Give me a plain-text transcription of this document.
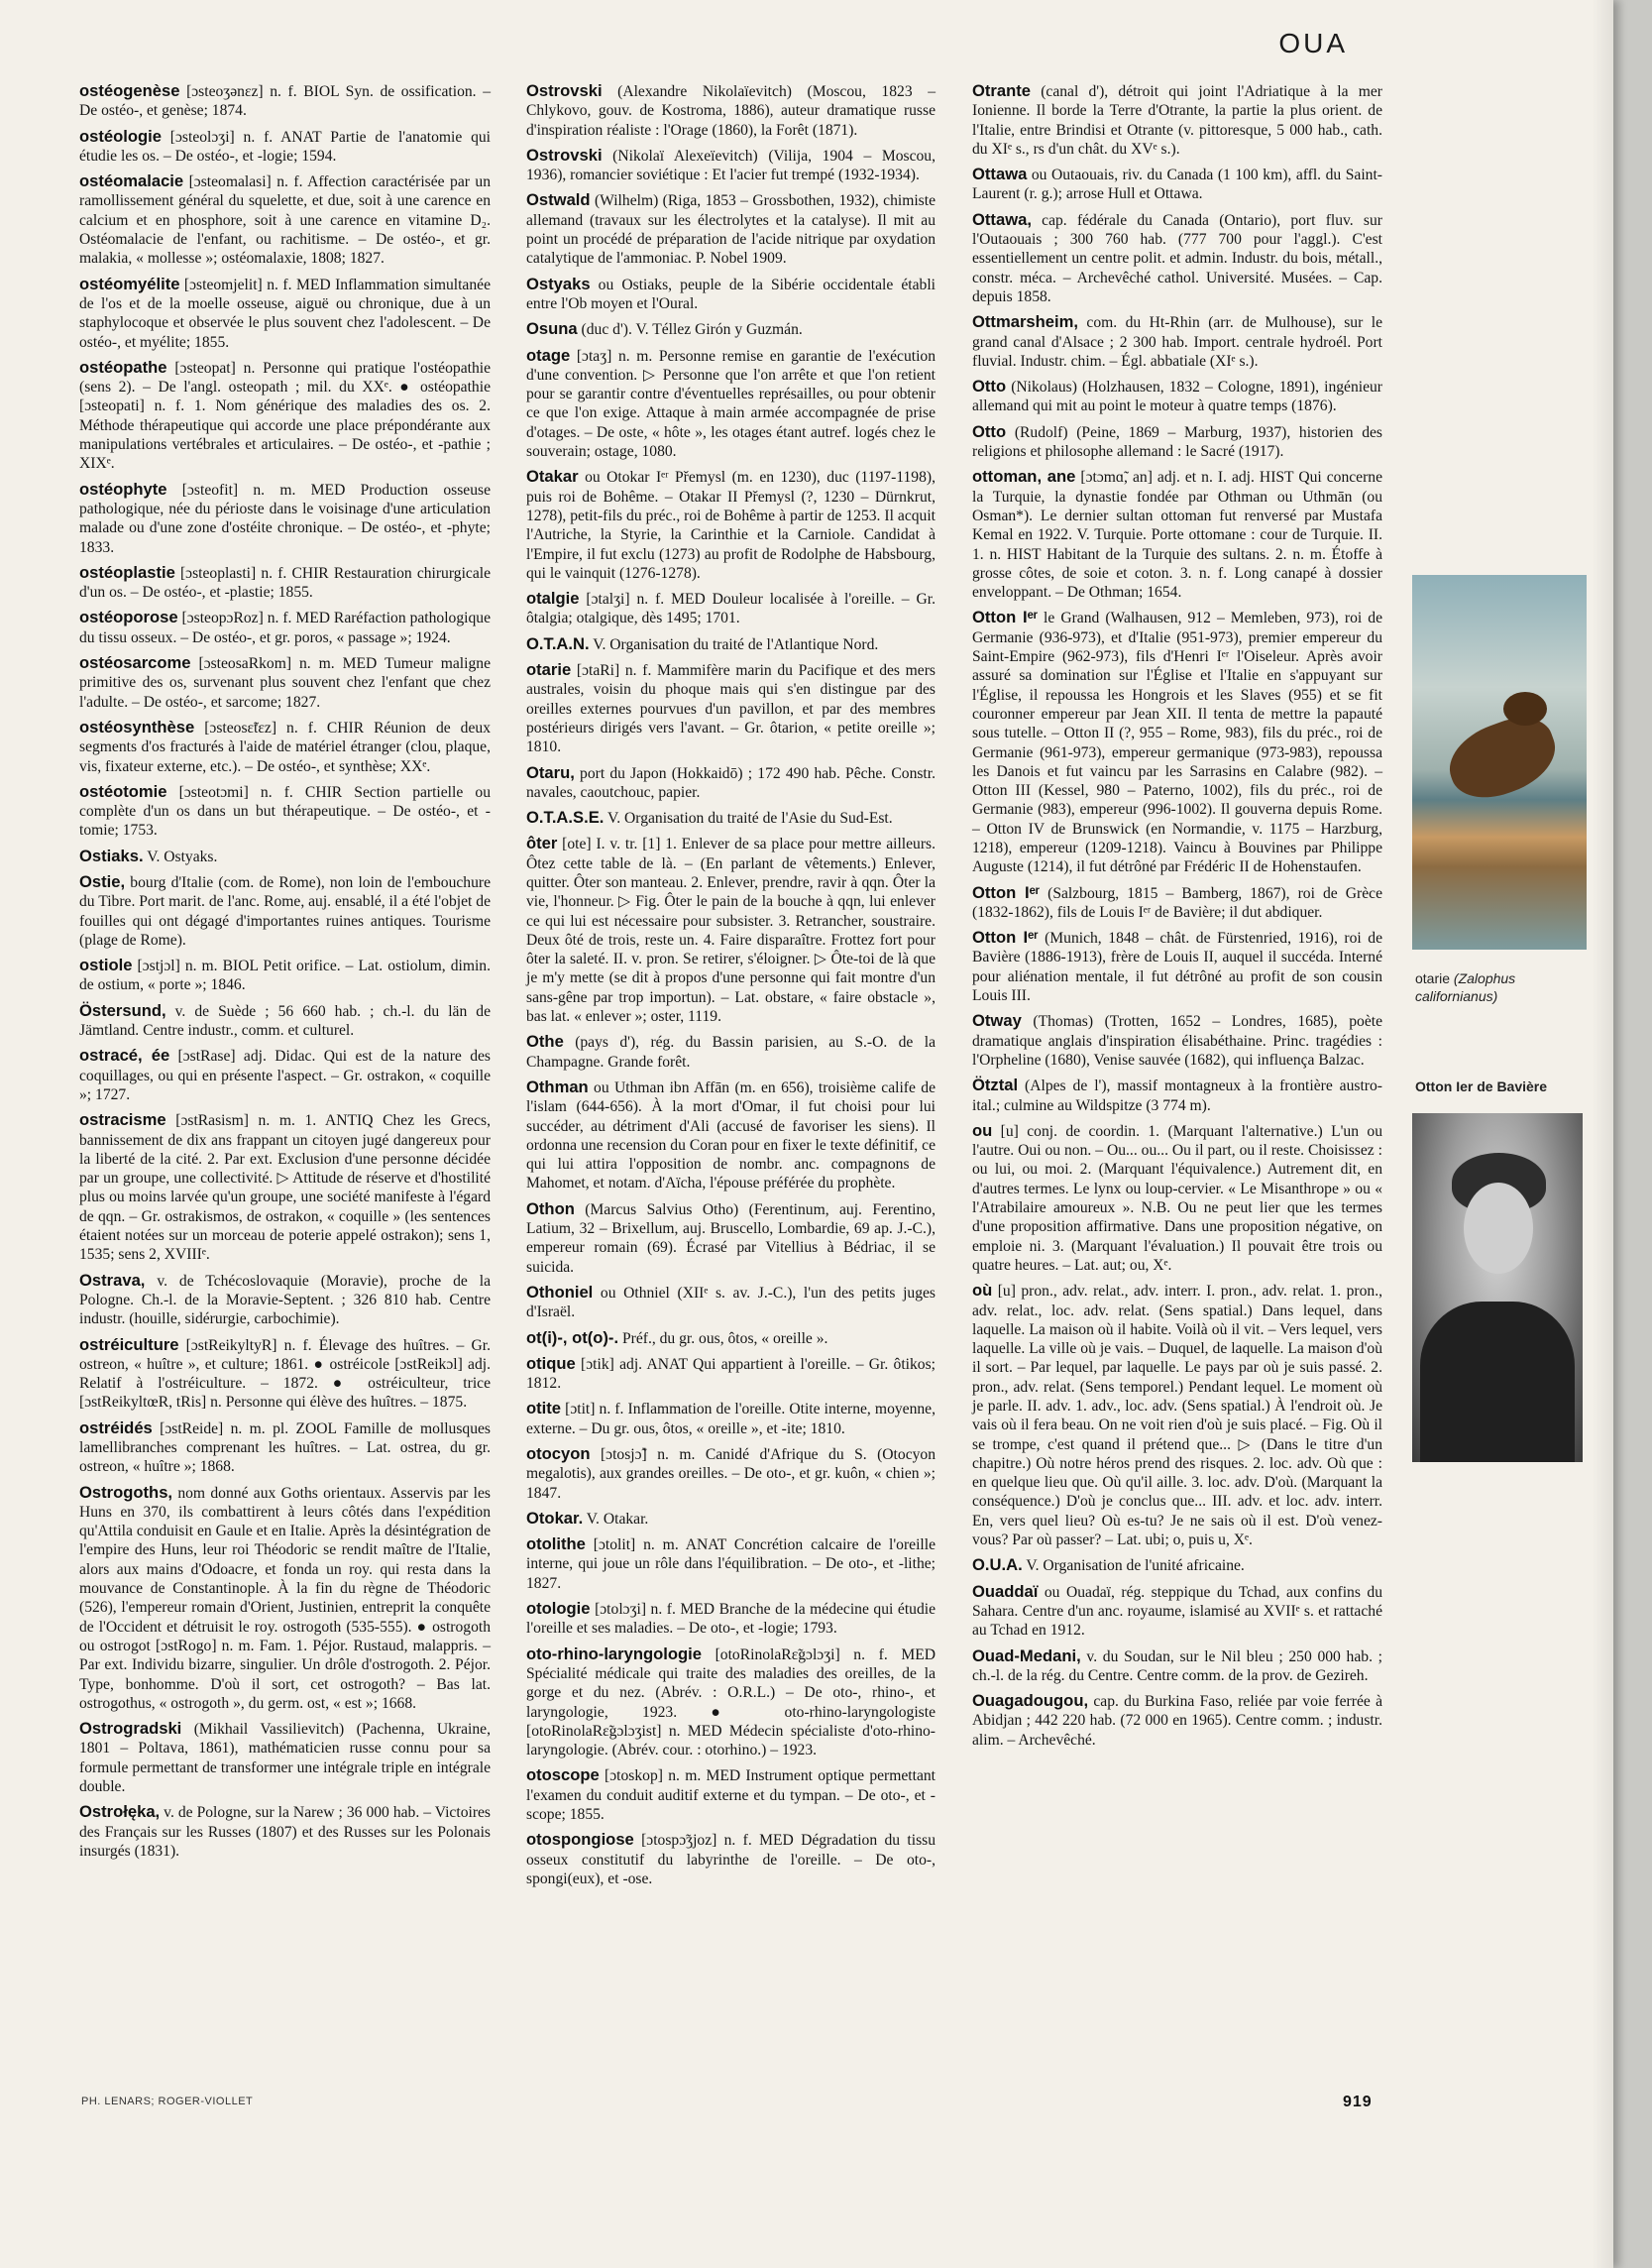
OUA

ostéogenèse [ɔsteoʒənɛz] n. f. BIOL Syn. de ossification. – De ostéo-, et genèse; 1874.

ostéologie [ɔsteolɔʒi] n. f. ANAT Partie de l'anatomie qui étudie les os. – De ostéo-, et -logie; 1594.

ostéomalacie [ɔsteomalasi] n. f. Affection caractérisée par un ramollissement général du squelette, et due, soit à une carence en calcium et en phosphore, soit à une carence en vitamine D₂. Ostéomalacie de l'enfant, ou rachitisme. – De ostéo-, et gr. malakia, « mollesse »; ostéomalaxie, 1808; 1827.

ostéomyélite [ɔsteomjelit] n. f. MED Inflammation simultanée de l'os et de la moelle osseuse, aiguë ou chronique, due à un staphylocoque et observée le plus souvent chez l'adolescent. – De ostéo-, et myélite; 1855.

ostéopathe [ɔsteopat] n. Personne qui pratique l'ostéopathie (sens 2). – De l'angl. osteopath ; mil. du XXᵉ. ● ostéopathie [ɔsteopati] n. f. 1. Nom générique des maladies des os. 2. Méthode thérapeutique qui accorde une place prépondérante aux manipulations vertébrales et articulaires. – De ostéo-, et -pathie ; XIXᵉ.

ostéophyte [ɔsteofit] n. m. MED Production osseuse pathologique, née du périoste dans le voisinage d'une articulation malade ou d'une zone d'ostéite chronique. – De ostéo-, et -phyte; 1833.

ostéoplastie [ɔsteoplasti] n. f. CHIR Restauration chirurgicale d'un os. – De ostéo-, et -plastie; 1855.

ostéoporose [ɔsteopɔRoz] n. f. MED Raréfaction pathologique du tissu osseux. – De ostéo-, et gr. poros, « passage »; 1924.

ostéosarcome [ɔsteosaRkom] n. m. MED Tumeur maligne primitive des os, survenant plus souvent chez l'enfant que chez l'adulte. – De ostéo-, et sarcome; 1827.

ostéosynthèse [ɔsteosɛ̃tɛz] n. f. CHIR Réunion de deux segments d'os fracturés à l'aide de matériel étranger (clou, plaque, vis, fixateur externe, etc.). – De ostéo-, et synthèse; XXᵉ.

ostéotomie [ɔsteotɔmi] n. f. CHIR Section partielle ou complète d'un os dans un but thérapeutique. – De ostéo-, et -tomie; 1753.

Ostiaks. V. Ostyaks.

Ostie, bourg d'Italie (com. de Rome), non loin de l'embouchure du Tibre. Port marit. de l'anc. Rome, auj. ensablé, il a été l'objet de fouilles qui ont dégagé d'importantes ruines antiques. Tourisme (plage de Rome).

ostiole [ɔstjɔl] n. m. BIOL Petit orifice. – Lat. ostiolum, dimin. de ostium, « porte »; 1846.

Östersund, v. de Suède ; 56 660 hab. ; ch.-l. du län de Jämtland. Centre industr., comm. et culturel.

ostracé, ée [ɔstRase] adj. Didac. Qui est de la nature des coquillages, ou qui en présente l'aspect. – Gr. ostrakon, « coquille »; 1727.

ostracisme [ɔstRasism] n. m. 1. ANTIQ Chez les Grecs, bannissement de dix ans frappant un citoyen jugé dangereux pour la liberté de la cité. 2. Par ext. Exclusion d'une personne décidée par un groupe, une collectivité. ▷ Attitude de réserve et d'hostilité plus ou moins larvée qu'un groupe, une société manifeste à l'égard de qqn. – Gr. ostrakismos, de ostrakon, « coquille » (les sentences étaient notées sur un morceau de poterie appelé ostrakon); sens 1, 1535; sens 2, XVIIIᵉ.

Ostrava, v. de Tchécoslovaquie (Moravie), proche de la Pologne. Ch.-l. de la Moravie-Septent. ; 326 810 hab. Centre industr. (houille, sidérurgie, carbochimie).

ostréiculture [ɔstReikyltyR] n. f. Élevage des huîtres. – Gr. ostreon, « huître », et culture; 1861. ● ostréicole [ɔstReikɔl] adj. Relatif à l'ostréiculture. – 1872. ● ostréiculteur, trice [ɔstReikyltœR, tRis] n. Personne qui élève des huîtres. – 1875.

ostréidés [ɔstReide] n. m. pl. ZOOL Famille de mollusques lamellibranches comprenant les huîtres. – Lat. ostrea, du gr. ostreon, « huître »; 1868.

Ostrogoths, nom donné aux Goths orientaux. Asservis par les Huns en 370, ils combattirent à leurs côtés dans l'expédition qu'Attila conduisit en Gaule et en Italie. Après la désintégration de l'empire des Huns, leur roi Théodoric se rendit maître de l'Italie, alors aux mains d'Odoacre, et fonda un roy. qui resta dans la mouvance de Constantinople. À la fin du règne de Théodoric (526), l'empereur romain d'Orient, Justinien, entreprit la conquête de l'Occident et détruisit le roy. ostrogoth (535-555). ● ostrogoth ou ostrogot [ɔstRogo] n. m. Fam. 1. Péjor. Rustaud, malappris. – Par ext. Individu bizarre, singulier. Un drôle d'ostrogoth. 2. Péjor. Type, bonhomme. D'où il sort, cet ostrogoth? – Bas lat. ostrogothus, « ostrogoth », du germ. ost, « est »; 1668.

Ostrogradski (Mikhail Vassilievitch) (Pachenna, Ukraine, 1801 – Poltava, 1861), mathématicien russe connu pour sa formule permettant de transformer une intégrale triple en intégrale double.

Ostrołęka, v. de Pologne, sur la Narew ; 36 000 hab. – Victoires des Français sur les Russes (1807) et des Russes sur les Polonais insurgés (1831).

Ostrovski (Alexandre Nikolaïevitch) (Moscou, 1823 – Chlykovo, gouv. de Kostroma, 1886), auteur dramatique russe d'inspiration réaliste : l'Orage (1860), la Forêt (1871).

Ostrovski (Nikolaï Alexeïevitch) (Vilija, 1904 – Moscou, 1936), romancier soviétique : Et l'acier fut trempé (1932-1934).

Ostwald (Wilhelm) (Riga, 1853 – Grossbothen, 1932), chimiste allemand (travaux sur les électrolytes et la catalyse). Il mit au point un procédé de préparation de l'acide nitrique par oxydation catalytique de l'ammoniac. P. Nobel 1909.

Ostyaks ou Ostiaks, peuple de la Sibérie occidentale établi entre l'Ob moyen et l'Oural.

Osuna (duc d'). V. Téllez Girón y Guzmán.

otage [ɔtaʒ] n. m. Personne remise en garantie de l'exécution d'une convention. ▷ Personne que l'on arrête et que l'on retient pour se garantir contre d'éventuelles représailles, ou pour obtenir ce que l'on exige. Attaque à main armée accompagnée de prise d'otages. – De oste, « hôte », les otages étant autref. logés chez le souverain; ostage, 1080.

Otakar ou Otokar Iᵉʳ Přemysl (m. en 1230), duc (1197-1198), puis roi de Bohême. – Otakar II Přemysl (?, 1230 – Dürnkrut, 1278), petit-fils du préc., roi de Bohême à partir de 1253. Il acquit l'Autriche, la Styrie, la Carinthie et la Carniole. Candidat à l'Empire, il fut exclu (1273) au profit de Rodolphe de Habsbourg, qui le vainquit (1276-1278).

otalgie [ɔtalʒi] n. f. MED Douleur localisée à l'oreille. – Gr. ôtalgia; otalgique, dès 1495; 1701.

O.T.A.N. V. Organisation du traité de l'Atlantique Nord.

otarie [ɔtaRi] n. f. Mammifère marin du Pacifique et des mers australes, voisin du phoque mais qui s'en distingue par des oreilles externes pourvues d'un pavillon, et par des membres postérieurs dirigés vers l'avant. – Gr. ôtarion, « petite oreille »; 1810.

Otaru, port du Japon (Hokkaidō) ; 172 490 hab. Pêche. Constr. navales, caoutchouc, papier.

O.T.A.S.E. V. Organisation du traité de l'Asie du Sud-Est.

ôter [ote] I. v. tr. [1] 1. Enlever de sa place pour mettre ailleurs. Ôtez cette table de là. – (En parlant de vêtements.) Enlever, quitter. Ôter son manteau. 2. Enlever, prendre, ravir à qqn. Ôter la vie, l'honneur. ▷ Fig. Ôter le pain de la bouche à qqn, lui enlever ce qui lui est nécessaire pour subsister. 3. Retrancher, soustraire. Deux ôté de trois, reste un. 4. Faire disparaître. Frottez fort pour ôter la saleté. II. v. pron. Se retirer, s'éloigner. ▷ Ôte-toi de là que je m'y mette (se dit à propos d'une personne qui fait montre d'un sans-gêne par trop importun). – Lat. obstare, « faire obstacle », bas lat. « enlever »; oster, 1119.

Othe (pays d'), rég. du Bassin parisien, au S.-O. de la Champagne. Grande forêt.

Othman ou Uthman ibn Affān (m. en 656), troisième calife de l'islam (644-656). À la mort d'Omar, il fut choisi pour lui succéder, au détriment d'Ali (accusé de favoriser les siens). Il ordonna une recension du Coran pour en fixer le texte définitif, ce qui lui attira l'opposition de nombr. anc. compagnons de Mahomet, et notam. d'Aïcha, l'épouse préférée du prophète.

Othon (Marcus Salvius Otho) (Ferentinum, auj. Ferentino, Latium, 32 – Brixellum, auj. Bruscello, Lombardie, 69 ap. J.-C.), empereur romain (69). Écrasé par Vitellius à Bédriac, il se suicida.

Othoniel ou Othniel (XIIᵉ s. av. J.-C.), l'un des petits juges d'Israël.

ot(i)-, ot(o)-. Préf., du gr. ous, ôtos, « oreille ».

otique [ɔtik] adj. ANAT Qui appartient à l'oreille. – Gr. ôtikos; 1812.

otite [ɔtit] n. f. Inflammation de l'oreille. Otite interne, moyenne, externe. – Du gr. ous, ôtos, « oreille », et -ite; 1810.

otocyon [ɔtosjɔ̃] n. m. Canidé d'Afrique du S. (Otocyon megalotis), aux grandes oreilles. – De oto-, et gr. kuôn, « chien »; 1847.

Otokar. V. Otakar.

otolithe [ɔtolit] n. m. ANAT Concrétion calcaire de l'oreille interne, qui joue un rôle dans l'équilibration. – De oto-, et -lithe; 1827.

otologie [ɔtolɔʒi] n. f. MED Branche de la médecine qui étudie l'oreille et ses maladies. – De oto-, et -logie; 1793.

oto-rhino-laryngologie [otoRinolaRɛ̃gɔlɔʒi] n. f. MED Spécialité médicale qui traite des maladies des oreilles, de la gorge et du nez. (Abrév. : O.R.L.) – De oto-, rhino-, et laryngologie, 1923. ● oto-rhino-laryngologiste [otoRinolaRɛ̃gɔlɔʒist] n. MED Médecin spécialiste d'oto-rhino-laryngologie. (Abrév. cour. : otorhino.) – 1923.

otoscope [ɔtoskop] n. m. MED Instrument optique permettant l'examen du conduit auditif externe et du tympan. – De oto-, et -scope; 1855.

otospongiose [ɔtospɔ̃ʒjoz] n. f. MED Dégradation du tissu osseux constitutif du labyrinthe de l'oreille. – De oto-, spongi(eux), et -ose.

Otrante (canal d'), détroit qui joint l'Adriatique à la mer Ionienne. Il borde la Terre d'Otrante, la partie la plus orient. de l'Italie, entre Brindisi et Otrante (v. pittoresque, 5 000 hab., cath. du XIᵉ s., rs d'un chât. du XVᵉ s.).

Ottawa ou Outaouais, riv. du Canada (1 100 km), affl. du Saint-Laurent (r. g.); arrose Hull et Ottawa.

Ottawa, cap. fédérale du Canada (Ontario), port fluv. sur l'Outaouais ; 300 760 hab. (777 700 pour l'aggl.). C'est essentiellement un centre polit. et admin. Industr. du bois, métall., constr. méca. – Archevêché cathol. Université. Musées. – Cap. depuis 1858.

Ottmarsheim, com. du Ht-Rhin (arr. de Mulhouse), sur le grand canal d'Alsace ; 2 300 hab. Import. centrale hydroél. Port fluvial. Industr. chim. – Égl. abbatiale (XIᵉ s.).

Otto (Nikolaus) (Holzhausen, 1832 – Cologne, 1891), ingénieur allemand qui mit au point le moteur à quatre temps (1876).

Otto (Rudolf) (Peine, 1869 – Marburg, 1937), historien des religions et philosophe allemand : le Sacré (1917).

ottoman, ane [ɔtɔmɑ̃, an] adj. et n. I. adj. HIST Qui concerne la Turquie, la dynastie fondée par Othman ou Uthmān (ou Osman*). Le dernier sultan ottoman fut renversé par Mustafa Kemal en 1922. V. Turquie. Porte ottomane : cour de Turquie. II. 1. n. HIST Habitant de la Turquie des sultans. 2. n. m. Étoffe à grosse côtes, de soie et coton. 3. n. f. Long canapé à dossier enveloppant. – De Othman; 1654.

Otton Iᵉʳ le Grand (Walhausen, 912 – Memleben, 973), roi de Germanie (936-973), et d'Italie (951-973), premier empereur du Saint-Empire (962-973), fils d'Henri Iᵉʳ l'Oiseleur. Après avoir assuré sa domination sur l'Église et l'Italie en s'appuyant sur l'Église, il repoussa les Hongrois et les Slaves (955) et se fit couronner empereur par Jean XII. Il tenta de mettre la papauté sous tutelle. – Otton II (?, 955 – Rome, 983), fils du préc., roi de Germanie (961-973), empereur germanique (973-983), repoussa les Danois et fut vaincu par les Sarrasins en Calabre (982). – Otton III (Kessel, 980 – Paterno, 1002), fils du préc., roi de Germanie (983), empereur (996-1002). Il gouverna depuis Rome. – Otton IV de Brunswick (en Normandie, v. 1175 – Harzburg, 1218), empereur (1209-1218). Vaincu à Bouvines par Philippe Auguste (1214), il fut détrôné par Frédéric II de Hohenstaufen.

Otton Iᵉʳ (Salzbourg, 1815 – Bamberg, 1867), roi de Grèce (1832-1862), fils de Louis Iᵉʳ de Bavière; il dut abdiquer.

Otton Iᵉʳ (Munich, 1848 – chât. de Fürstenried, 1916), roi de Bavière (1886-1913), frère de Louis II, auquel il succéda. Interné pour aliénation mentale, il fut détrôné au profit de son cousin Louis III.

Otway (Thomas) (Trotten, 1652 – Londres, 1685), poète dramatique anglais d'inspiration élisabéthaine. Princ. tragédies : l'Orpheline (1680), Venise sauvée (1682), qui influença Balzac.

Ötztal (Alpes de l'), massif montagneux à la frontière austro-ital.; culmine au Wildspitze (3 774 m).

ou [u] conj. de coordin. 1. (Marquant l'alternative.) L'un ou l'autre. Oui ou non. – Ou... ou... Ou il part, ou il reste. Choisissez : ou lui, ou moi. 2. (Marquant l'équivalence.) Autrement dit, en d'autres termes. Le lynx ou loup-cervier. « Le Misanthrope » ou « l'Atrabilaire amoureux ». N.B. Ou ne peut lier que les termes d'une proposition affirmative. Dans une proposition négative, on emploie ni. 3. (Marquant l'évaluation.) Il pouvait être trois ou quatre heures. – Lat. aut; ou, Xᵉ.

où [u] pron., adv. relat., adv. interr. I. pron., adv. relat. 1. pron., adv. relat., loc. adv. relat. (Sens spatial.) Dans lequel, dans laquelle. La maison où il habite. Voilà où il vit. – Vers lequel, vers laquelle. La ville où je vais. – Duquel, de laquelle. La maison d'où il sort. – Par lequel, par laquelle. Le pays par où je suis passé. 2. pron., adv. relat. (Sens temporel.) Pendant lequel. Le moment où je parle. II. adv. 1. adv., loc. adv. (Sens spatial.) À l'endroit où. Je vais où il fera beau. On ne voit rien d'où je suis placé. – Fig. Où il se trompe, c'est quand il prétend que... ▷ (Dans le titre d'un chapitre.) Où notre héros prend des risques. 2. loc. adv. Où que : en quelque lieu que. Où qu'il aille. 3. loc. adv. D'où. (Marquant la conséquence.) D'où je conclus que... III. adv. et loc. adv. interr. En, vers quel lieu? Où es-tu? Je ne sais où il est. D'où venez-vous? Par où passer? – Lat. ubi; o, puis u, Xᵉ.

O.U.A. V. Organisation de l'unité africaine.

Ouaddaï ou Ouadaï, rég. steppique du Tchad, aux confins du Sahara. Centre d'un anc. royaume, islamisé au XVIIᵉ s. et rattaché au Tchad en 1912.

Ouad-Medani, v. du Soudan, sur le Nil bleu ; 250 000 hab. ; ch.-l. de la rég. du Centre. Centre comm. de la prov. de Gezireh.

Ouagadougou, cap. du Burkina Faso, reliée par voie ferrée à Abidjan ; 442 220 hab. (72 000 en 1965). Centre comm. ; industr. alim. – Archevêché.

otarie (Zalophus californianus)
Otton Ier de Bavière
PH. LENARS; ROGER-VIOLLET	919
